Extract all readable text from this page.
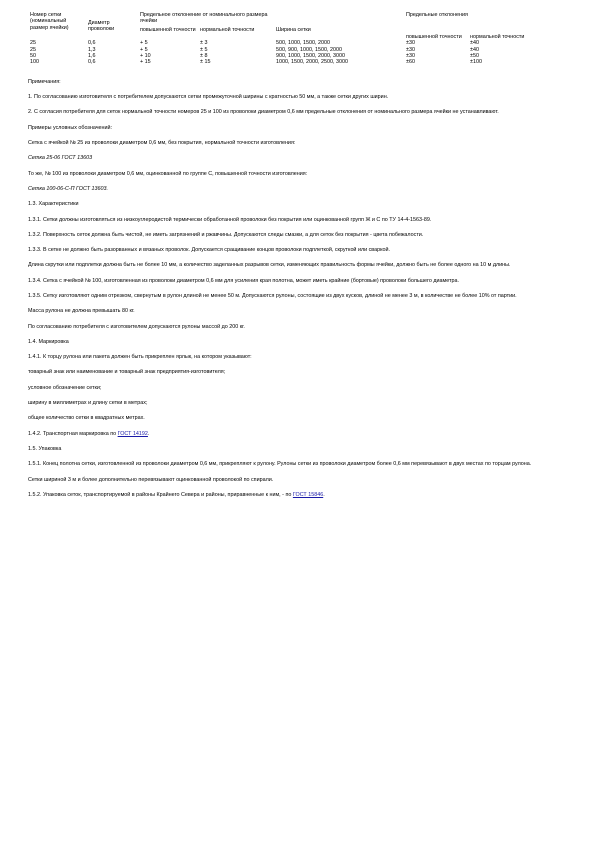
Номер сетки (номинальный размер ячейки)	Диаметр проволоки	Предельное отклонение от номинального размера ячейки		Ширина сетки	Предельные отклонения	
		повышенной точности	нормальной точности		повышенной точности	нормальной точности
25	0,6	+ 5	± 3	500, 1000, 1500, 2000	±30	±40
25	1,3	+ 5	± 5	500, 900, 1000, 1500, 2000	±30	±40
50	1,6	+ 10	± 8	900, 1000, 1500, 2000, 3000	±30	±50
100	0,6	+ 15	± 15	1000, 1500, 2000, 2500, 3000	±60	±100

Примечания:

1. По согласованию изготовителя с потребителем допускаются сетки промежуточной ширины с кратностью 50 мм, а также сетки других ширин.

2. С согласия потребителя для сеток нормальной точности номеров 25 и 100 из проволоки диаметром 0,6 мм предельные отклонения от номинального размера ячейки не устанавливают.

Примеры условных обозначений:

Сетка с ячейкой № 25 из проволоки диаметром 0,6 мм, без покрытия, нормальной точности изготовления:

Сетка 25-06 ГОСТ 13603

То же, № 100 из проволоки диаметром 0,6 мм, оцинкованной по группе С, повышенной точности изготовления:

Сетка 100-06-С-П ГОСТ 13603.

1.3. Характеристики

1.3.1. Сетки должны изготовляться из низкоуглеродистой термически обработанной проволоки без покрытия или оцинкованной групп Ж и С по ТУ 14-4-1563-89.

1.3.2. Поверхность сеток должна быть чистой, не иметь загрязнений и ржавчины. Допускаются следы смазки, а для сеток без покрытия - цвета побежалости.

1.3.3. В сетке не должно быть разорванных и вязаных проволок. Допускается сращивание концов проволоки подплеткой, скруткой или сваркой.

Длина скрутки или подплетки должна быть не более 10 мм, а количество заделанных разрывов сетки, изменяющих правильность формы ячейки, должно быть не более одного на 10 м длины.

1.3.4. Сетка с ячейкой № 100, изготовленная из проволоки диаметром 0,6 мм для усиления края полотна, может иметь крайние (бортовые) проволоки большего диаметра.

1.3.5. Сетку изготовляют одним отрезком, свернутым в рулон длиной не менее 50 м. Допускаются рулоны, состоящие из двух кусков, длиной не менее 3 м, в количестве не более 10% от партии.

Масса рулона не должна превышать 80 кг.

По согласованию потребителя с изготовителем допускаются рулоны массой до 200 кг.

1.4. Маркировка

1.4.1. К торцу рулона или пакета должен быть прикреплен ярлык, на котором указывают:

товарный знак или наименование и товарный знак предприятия-изготовителя;

условное обозначение сетки;

ширину в миллиметрах и длину сетки в метрах;

общее количество сетки в квадратных метрах.

1.4.2. Транспортная маркировка по ГОСТ 14192.

1.5. Упаковка

1.5.1. Конец полотна сетки, изготовленной из проволоки диаметром 0,6 мм, прикрепляют к рулону. Рулоны сетки из проволоки диаметром более 0,6 мм перевязывают в двух местах по торцам рулона.

Сетки шириной 3 м и более дополнительно перевязывают оцинкованной проволокой по спирали.

1.5.2. Упаковка сеток, транспортируемой в районы Крайнего Севера и районы, приравненные к ним, - по ГОСТ 15846.
